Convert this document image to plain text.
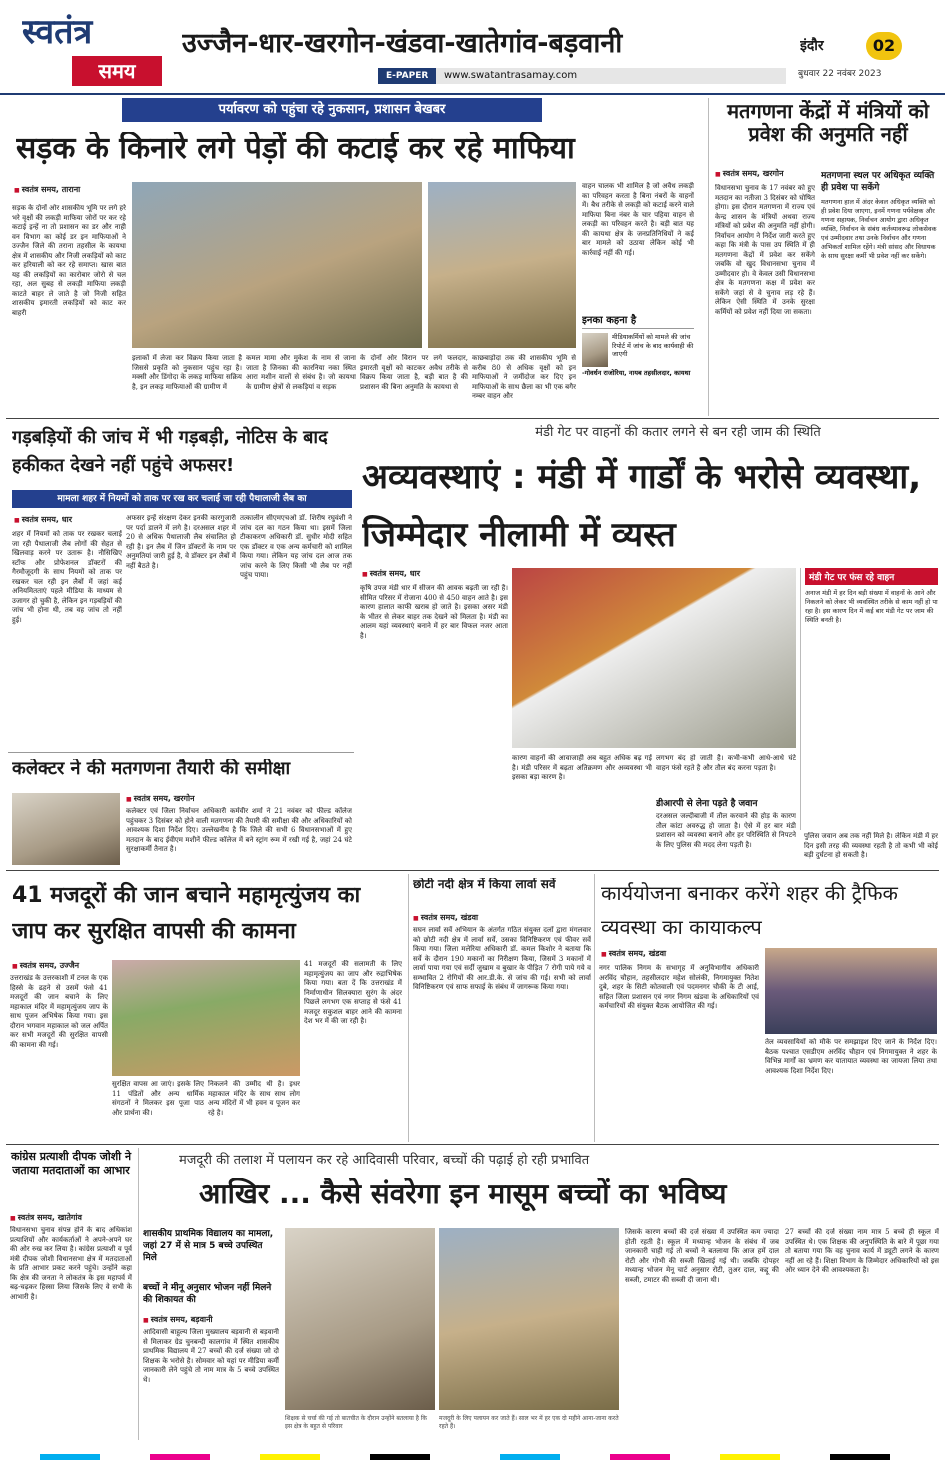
स्वतंत्र
समय
उज्जैन-धार-खरगोन-खंडवा-खातेगांव-बड़वानी
E-PAPER	www.swatantrasamay.com
इंदौर	02
बुधवार 22 नवंबर 2023
पर्यावरण को पहुंचा रहे नुकसान, प्रशासन बेखबर
सड़क के किनारे लगे पेड़ों की कटाई कर रहे माफिया
■ स्वतंत्र समय, ताराना
सड़क के दोनों ओर शासकीय भूमि पर लगे हरे भरे वृक्षों की लकड़ी माफिया जोरों पर कर रहे कटाई इन्हें ना तो प्रशासन का डर और नाही वन विभाग का कोई डर इन माफियाओं ने उज्जैन जिले की तराना तहसील के कायथा क्षेत्र में शासकीय और निजी लकड़ियों को काट कर हरियाली को कर रहे समाप्त। खास बात यह की लकड़ियों का कारोबार जोरो से चल रहा, अल सुबह से लकड़ी माफिया लकड़ी काटते बाहर ले जाते है जो निजी सहित शासकीय इमारती लकड़ियों को काट कर बाहरी
इलाकों में लेजा कर विक्रय किया जाता है जिससे प्रकृति को नुकसान पहुंच रहा है। मक्सी और डिंगोदा के लकड़ माफिया सक्रिय है, इन लकड़ माफियाओं की ग्रामीण में
कमल मामा और मुकेश के नाम से जाना जाता है जिनका की कारनिया नका स्थित आरा मशीन वालों से संबंध है। जो कायथा के ग्रामीण क्षेत्रों से लकड़ियां व सड़क
के दोनों ओर विरान पर लगे फलदार, इमारती वृक्षों को काटकर अवैध तरीके से विक्रय किया जाता है, बड़ी बात है की प्रशासन की बिना अनुमति के कायथा से
काछबाड़ोदा तक की शासकीय भूमि से करीब 80 से अधिक वृक्षों को इन माफियाओं ने जमींदोज कर दिए इन माफियाओं के साथ छैला का भी एक बगैर नम्बर वाहन और
वाहन चालक भी शामिल है जो अवैध लकड़ी का परिवहन करता है बिना नंबरों के वाहनों में। बैध तरीके से लकड़ी को कटाई करने वाले माफिया बिना नंबर के चार पहिया वाहन से लकड़ी का परिवहन करते है। बड़ी बात यह की कायथा क्षेत्र के जनप्रतिनिधियों ने कई बार मामले को उठाया लेकिन कोई भी कार्रवाई नहीं की गई।
इनका कहना है
मीडियाकर्मियों को मामले की जांच रिपोर्ट में जांच के बाद कार्यवाही की जाएगी
-गोवर्धन राजोरिया, नायब तहसीलदार, कायथा
मतगणना केंद्रों में मंत्रियों को प्रवेश की अनुमति नहीं
■ स्वतंत्र समय, खरगोन
विधानसभा चुनाव के 17 नवंबर को हुए मतदान का नतीजा 3 दिसंबर को घोषित होगा। इस दौरान मतगणना में राज्य एवं केन्द्र शासन के मंत्रियों अथवा राज्य मंत्रियों को प्रवेश की अनुमति नहीं होगी। निर्वाचन आयोग ने निर्देश जारी करते हुए कहा कि मंत्री के पास उप स्थिति में ही मतगणना केंद्रों में प्रवेश कर सकेंगे जबकि वो खुद विधानसभा चुनाव में उम्मीदवार हो। वे केवल उसी विधानसभा क्षेत्र के मतगणना कक्ष में प्रवेश कर सकेंगे जहां से वे चुनाव लड़ रहे हैं। लेकिन ऐसी स्थिति में उनके सुरक्षा कर्मियों को प्रवेश नहीं दिया जा सकता।
मतगणना स्थल पर अधिकृत व्यक्ति ही प्रवेश पा सकेंगे
मतगणना हाल में अंदर केवल अधिकृत व्यक्ति को ही प्रवेश दिया जाएगा, इनमें गणना पर्यवेक्षक और गणना सहायक, निर्वाचन आयोग द्वारा अधिकृत व्यक्ति, निर्वाचन के संबंध कर्तव्यावरूढ लोकसेवक एवं उम्मीदवार तथा उनके निर्वाचन और गणना अभिकर्ता शामिल रहेंगे। मंत्री सांसद और विधायक के साथ सुरक्षा कर्मी भी प्रवेश नहीं कर सकेंगे।
गड़बड़ियों की जांच में भी गड़बड़ी, नोटिस के बाद हकीकत देखने नहीं पहुंचे अफसर!
मामला शहर में नियमों को ताक पर रख कर चलाई जा रही पैथालाजी लैब का
■ स्वतंत्र समय, धार
शहर में नियमों को ताक पर रखकर चलाई जा रही पैथालाजी लैब लोगों की सेहत से खिलवाड़ करने पर उतारू है। नौसिखिए स्टॉफ और प्रोफेशनल डॉक्टरों की गैरमौजूदगी के साथ नियमों को ताक पर रखकर चल रही इन लैबों में जहां कई अनियमितताएं पहले मीडिया के माध्यम से उजागर हो चुकी है, लेकिन इन गड़बड़ियों की जांच भी होना थी, तब वह जांच तो नहीं हुई।
अफसर इन्हें संरक्षण देकर इनकी कारगुजारी पर पर्दा डालने में लगे है। दरअसल शहर में 20 से अधिक पैथालाजी लैब संचालित हो रही है। इन लैब में जिन डॉक्टरों के नाम पर अनुमतियां जारी हुई है, वे डॉक्टर इन लैबों में नहीं बैठते है।
तत्कालीन सीएमएचओ डॉ. शिरीष रघुवंशी ने जांच दल का गठन किया था। इसमें जिला टीकाकरण अधिकारी डॉ. सुधीर मोदी सहित एक डॉक्टर व एक अन्य कर्मचारी को शामिल किया गया। लेकिन यह जांच दल आज तक जांच करने के लिए किसी भी लैब पर नहीं पहुंच पाया।
मंडी गेट पर वाहनों की कतार लगने से बन रही जाम की स्थिति
अव्यवस्थाएं : मंडी में गार्डों के भरोसे व्यवस्था, जिम्मेदार नीलामी में व्यस्त
■ स्वतंत्र समय, धार
कृषि उपज मंडी धार में सीजन की आवक बढ़ती जा रही है। सीमित परिसर में रोजाना 400 से 450 वाहन आते है। इस कारण हालात काफी खराब हो जाते है। इसका असर मंडी के भीतर से लेकर बाहर तक देखने को मिलता है। मंडी का आलम यहां व्यवस्थाएं बनाने में हर बार विफल नजर आता है।
कारण वाहनों की आवाजाही अब बहुत अधिक बढ़ गई है। मंडी परिसर में बढ़ता अतिक्रमण और अव्यवस्था भी इसका बड़ा कारण है।
लगभग बंद हो जाती है। कभी-कभी आधे-आधे घंटे वाहन फंसे रहते है और तौल बंद करना पड़ता है।
डीआरपी से लेना पड़ते है जवान
दरअसल जल्दीबाजी में तौल करवाने की होड़ के कारण तौल कांटा अवरुद्ध हो जाता है। ऐसे में हर बार मंडी प्रशासन को व्यवस्था बनाने और हर परिस्थिति से निपटने के लिए पुलिस की मदद लेना पड़ती है।
मंडी गेट पर फंस रहे वाहन
अनाज मंडी में हर दिन बड़ी संख्या में वाहनों के आने और निकलने को लेकर भी व्यवस्थित तरीके से काम नहीं हो पा रहा है। इस कारण दिन में कई बार मंडी गेट पर जाम की स्थिति बनती है।
पुलिस जवान अब तक नहीं मिले है। लेकिन मंडी में हर दिन इसी तरह की व्यवस्था रहती है तो कभी भी कोई बड़ी दुर्घटना हो सकती है।
कलेक्टर ने की मतगणना तैयारी की समीक्षा
■ स्वतंत्र समय, खरगोन
कलेक्टर एवं जिला निर्वाचन अधिकारी कर्मवीर शर्मा ने 21 नवंबर को फील्ड कॉलेज पहुंचकर 3 दिसंबर को होने वाली मतगणना की तैयारी की समीक्षा की और अधिकारियों को आवश्यक दिशा निर्देश दिए। उल्लेखनीय है कि जिले की सभी 6 विधानसभाओं में हुए मतदान के बाद ईवीएम मशीनें फील्ड कॉलेज में बने स्ट्रांग रूम में रखी गई है, जहां 24 घंटे सुरक्षाकर्मी तैनात है।
41 मजदूरों की जान बचाने महामृत्युंजय का जाप कर सुरक्षित वापसी की कामना
■ स्वतंत्र समय, उज्जैन
उत्तराखंड के उत्तरकाशी में टनल के एक हिस्से के ढहने से उसमें फंसे 41 मजदूरों की जान बचाने के लिए महाकाल मंदिर में महामृत्युंजय जाप के साथ पूजन अभिषेक किया गया। इस दौरान भगवान महाकाल को जल अर्पित कर सभी मजदूरों की सुरक्षित वापसी की कामना की गई।
सुरक्षित वापस आ जाएं। इसके लिए 11 पंडितों और अन्य धार्मिक संगठनों ने मिलकर इस पूजा पाठ और प्रार्थना की।
निकलने की उम्मीद थी है। इधर महाकाल मंदिर के साथ साथ लोग अन्य मंदिरों में भी हवन व पूजन कर रहे है।
41 मजदूरों की सलामती के लिए महामृत्युंजय का जाप और रुद्राभिषेक किया गया। बता दें कि उत्तराखंड में निर्माणाधीन सिलक्यारा सुरंग के अंदर पिछले लगभग एक सप्ताह से फंसे 41 मजदूर सकुशल बाहर आने की कामना देश भर में की जा रही है।
छोटी नदी क्षेत्र में किया लार्वा सर्वे
■ स्वतंत्र समय, खंडवा
सघन लार्वा सर्वे अभियान के अंतर्गत गठित संयुक्त दलों द्वारा मंगलवार को छोटी नदी क्षेत्र में लार्वा सर्वे, उसका विनिष्टिकरण एवं फीवर सर्वे किया गया। जिला मलेरिया अधिकारी डॉ. कमल किशोर ने बताया कि सर्वे के दौरान 190 मकानों का निरीक्षण किया, जिसमें 3 मकानों में लार्वा पाया गया एवं सर्दी जुखाम व बुखार के पीड़ित 7 रोगी पाये गये व सम्भावित 2 रोगियों की आर.डी.के. से जांच की गई। सभी को लार्वा विनिष्टिकरण एवं साफ सफाई के संबंध में जागरूक किया गया।
कार्ययोजना बनाकर करेंगे शहर की ट्रैफिक व्यवस्था का कायाकल्प
■ स्वतंत्र समय, खंडवा
नगर पालिक निगम के सभागृह में अनुविभागीय अधिकारी अरविंद चौहान, तहसीलदार महेश सोलंकी, निगमायुक्त नितेश दुबे, शहर के सिटी कोतवाली एवं पदमनगर चौकी के टी आई, सहित जिला प्रशासन एवं नगर निगम खंडवा के अधिकारियों एवं कर्मचारियों की संयुक्त बैठक आयोजित की गई।
तेल व्यवसायियों को मौके पर समझाइश दिए जाने के निर्देश दिए। बैठक पश्चात एसडीएम अरविंद चौहान एवं निगमायुक्त ने शहर के विभिन्न मार्गों का भ्रमण कर यातायात व्यवस्था का जायजा लिया तथा आवश्यक दिशा निर्देश दिए।
कांग्रेस प्रत्याशी दीपक जोशी ने जताया मतदाताओं का आभार
■ स्वतंत्र समय, खातेगांव
विधानसभा चुनाव संपन्न होने के बाद अधिकांश प्रत्याशियों और कार्यकर्ताओं ने अपने-अपने घर की ओर रुख कर लिया है। कांग्रेस प्रत्याशी व पूर्व मंत्री दीपक जोशी विधानसभा क्षेत्र में मतदाताओं के प्रति आभार प्रकट करने पहुंचे। उन्होंने कहा कि क्षेत्र की जनता ने लोकतंत्र के इस महापर्व में बढ़-चढ़कर हिस्सा लिया जिसके लिए वे सभी के आभारी है।
मजदूरी की तलाश में पलायन कर रहे आदिवासी परिवार, बच्चों की पढ़ाई हो रही प्रभावित
आखिर ... कैसे संवरेगा इन मासूम बच्चों का भविष्य
शासकीय प्राथमिक विद्यालय का मामला, जहां 27 में से मात्र 5 बच्चे उपस्थित मिले
बच्चों ने मीनू अनुसार भोजन नहीं मिलने की शिकायत की
■ स्वतंत्र समय, बड़वानी
आदिवासी बाहुल्य जिला मुख्यालय बड़वानी से बड़वानी से मिलाकर ग्रेड चुनबन्दी कालगांव में स्थित शासकीय प्राथमिक विद्यालय में 27 बच्चों की दर्ज संख्या जो दो शिक्षक के भरोसे है। सोमवार को यहां पर मीडिया कर्मी जानकारी लेने पहुंचे तो नाम मात्र के 5 बच्चे उपस्थित थे।
शिक्षक से चर्चा की गई तो बातचीत के दौरान उन्होंने बतलाया है कि इस क्षेत्र के बहुत से परिवार
मजदूरी के लिए पलायन कर जाते हैं। साल भर में हर एक दो महीने आना-जाना करते रहते हैं।
जिसके कारण बच्चों की दर्ज संख्या में उपस्थित कम ज्यादा होती रहती है। स्कूल में मध्यान्ह भोजन के संबंध में जब जानकारी चाही गई तो बच्चों ने बतलाया कि आज हमें दाल रोटी और गोभी की सब्जी खिलाई गई थी। जबकि दोपहर मध्यान्ह भोजन मेनू चार्ट अनुसार रोटी, तुअर दाल, कद्दू की सब्जी, टमाटर की सब्जी दी जाना थी।
27 बच्चों की दर्ज संख्या नाम मात्र 5 बच्चे ही स्कूल में उपस्थित थे। एक शिक्षक की अनुपस्थिति के बारे में पूछा गया तो बताया गया कि वह चुनाव कार्य में ड्यूटी लगने के कारण नहीं आ रहे हैं। शिक्षा विभाग के जिम्मेदार अधिकारियों को इस ओर ध्यान देने की आवश्यकता है।
